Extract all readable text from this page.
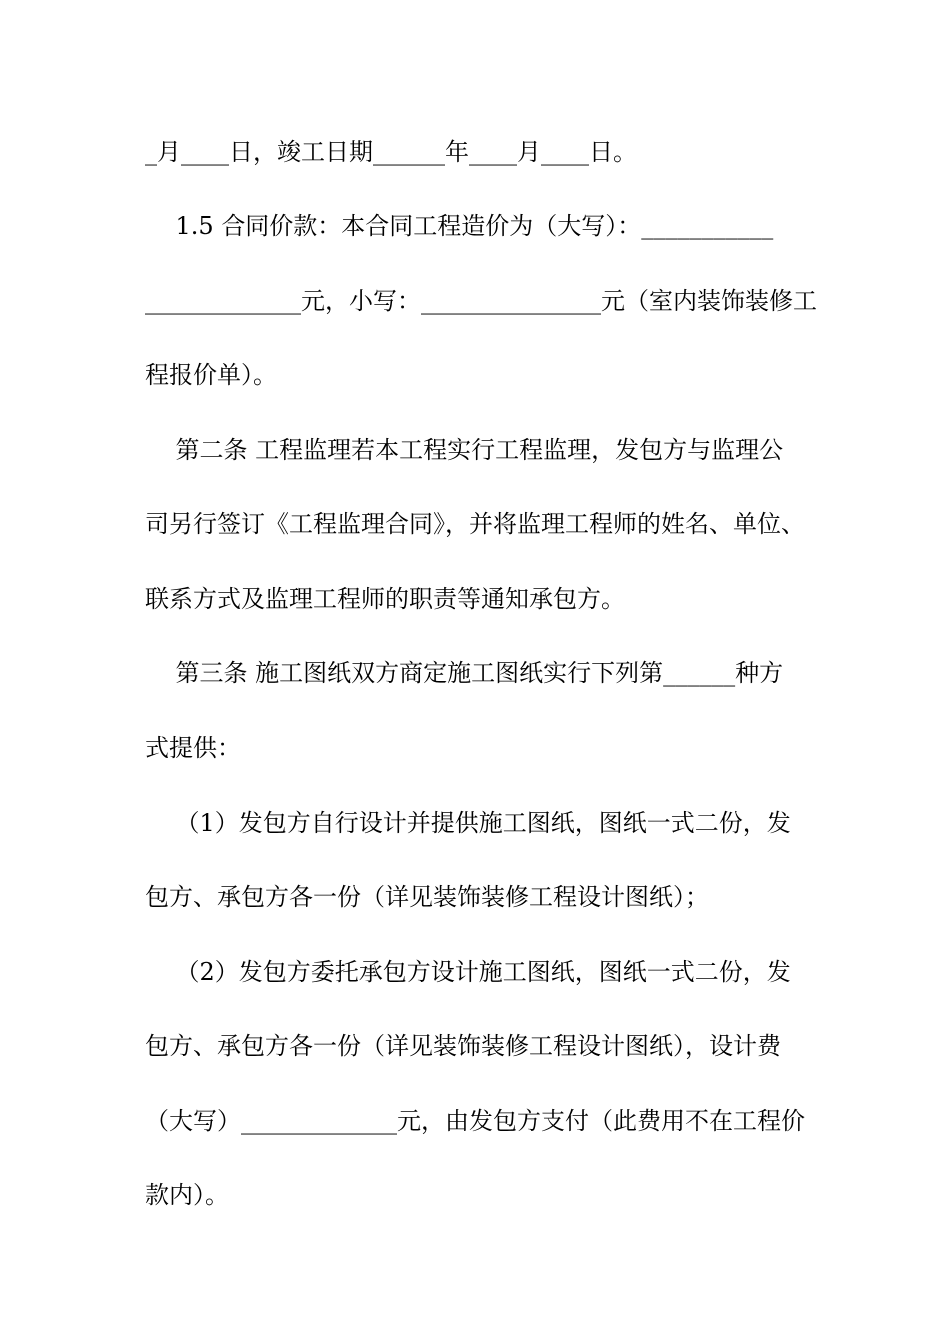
_月____日，竣工日期______年____月____日。
1.5 合同价款：本合同工程造价为（大写）：___________
_____________元，小写：_______________元（室内装饰装修工
程报价单）。
第二条 工程监理若本工程实行工程监理，发包方与监理公
司另行签订《工程监理合同》，并将监理工程师的姓名、单位、
联系方式及监理工程师的职责等通知承包方。
第三条 施工图纸双方商定施工图纸实行下列第______种方
式提供：
（1）发包方自行设计并提供施工图纸，图纸一式二份，发
包方、承包方各一份（详见装饰装修工程设计图纸）；
（2）发包方委托承包方设计施工图纸，图纸一式二份，发
包方、承包方各一份（详见装饰装修工程设计图纸），设计费
（大写）_____________元，由发包方支付（此费用不在工程价
款内）。
